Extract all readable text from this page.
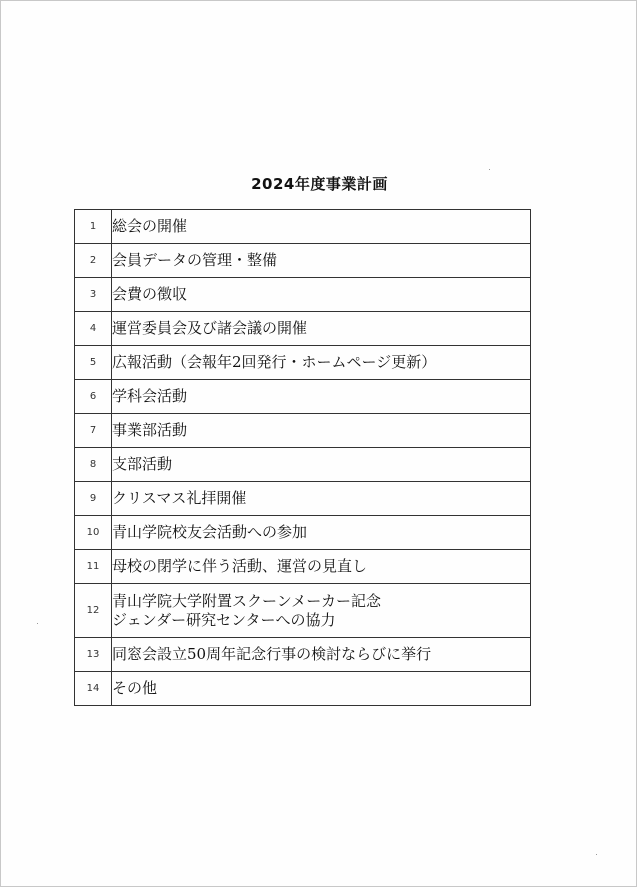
2024年度事業計画
1	総会の開催
2	会員データの管理・整備
3	会費の徴収
4	運営委員会及び諸会議の開催
5	広報活動（会報年2回発行・ホームページ更新）
6	学科会活動
7	事業部活動
8	支部活動
9	クリスマス礼拝開催
10	青山学院校友会活動への参加
11	母校の閉学に伴う活動、運営の見直し
12	青山学院大学附置スクーンメーカー記念
ジェンダー研究センターへの協力
13	同窓会設立50周年記念行事の検討ならびに挙行
14	その他
